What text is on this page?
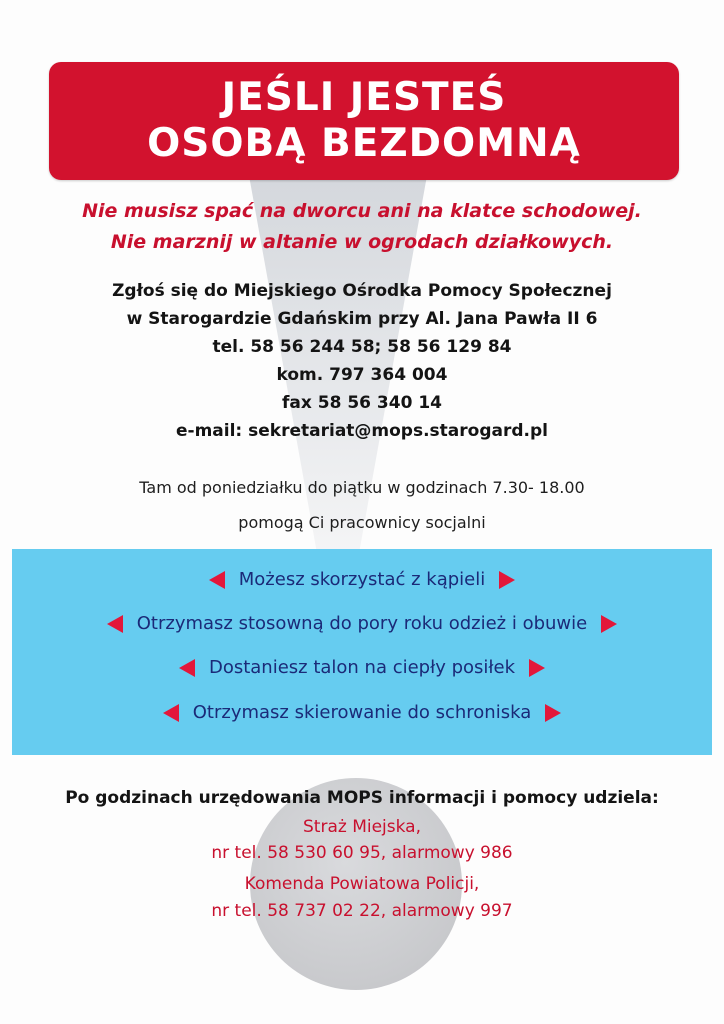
JEŚLI JESTEŚ
OSOBĄ BEZDOMNĄ
Nie musisz spać na dworcu ani na klatce schodowej.
Nie marznij w altanie w ogrodach działkowych.
Zgłoś się do Miejskiego Ośrodka Pomocy Społecznej
w Starogardzie Gdańskim przy Al. Jana Pawła II 6
tel. 58 56 244 58; 58 56 129 84
kom. 797 364 004
fax 58 56 340 14
e-mail: sekretariat@mops.starogard.pl
Tam od poniedziałku do piątku w godzinach 7.30- 18.00
pomogą Ci pracownicy socjalni
Możesz skorzystać z kąpieli
Otrzymasz stosowną do pory roku odzież i obuwie
Dostaniesz talon na ciepły posiłek
Otrzymasz skierowanie do schroniska
Po godzinach urzędowania MOPS informacji i pomocy udziela:
Straż Miejska,
nr tel. 58 530 60 95, alarmowy 986
Komenda Powiatowa Policji,
nr tel. 58 737 02 22, alarmowy 997
